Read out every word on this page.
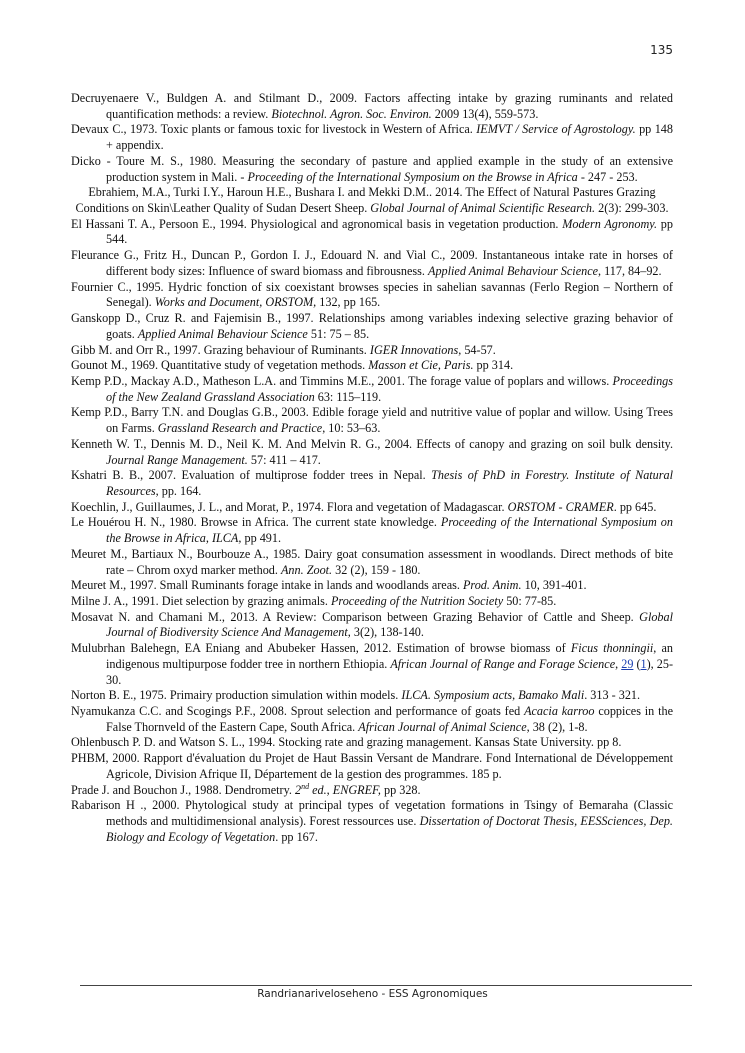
135

Decruyenaere V., Buldgen A. and Stilmant D., 2009. Factors affecting intake by grazing ruminants and related quantification methods: a review. Biotechnol. Agron. Soc. Environ. 2009 13(4), 559-573.

Devaux C., 1973. Toxic plants or famous toxic for livestock in Western of Africa. IEMVT / Service of Agrostology. pp 148 + appendix.

Dicko - Toure M. S., 1980. Measuring the secondary of pasture and applied example in the study of an extensive production system in Mali. - Proceeding of the International Symposium on the Browse in Africa - 247 - 253.

Ebrahiem, M.A., Turki I.Y., Haroun H.E., Bushara I. and Mekki D.M.. 2014. The Effect of Natural Pastures Grazing Conditions on Skin\Leather Quality of Sudan Desert Sheep. Global Journal of Animal Scientific Research. 2(3): 299-303.

El Hassani T. A., Persoon E., 1994. Physiological and agronomical basis in vegetation production. Modern Agronomy. pp 544.

Fleurance G., Fritz H., Duncan P., Gordon I. J., Edouard N. and Vial C., 2009. Instantaneous intake rate in horses of different body sizes: Influence of sward biomass and fibrousness. Applied Animal Behaviour Science, 117, 84–92.

Fournier C., 1995. Hydric fonction of six coexistant browses species in sahelian savannas (Ferlo Region – Northern of Senegal). Works and Document, ORSTOM, 132, pp 165.

Ganskopp D., Cruz R. and Fajemisin B., 1997. Relationships among variables indexing selective grazing behavior of goats. Applied Animal Behaviour Science 51: 75 – 85.

Gibb M. and Orr R., 1997. Grazing behaviour of Ruminants. IGER Innovations, 54-57.

Gounot M., 1969. Quantitative study of vegetation methods. Masson et Cie, Paris. pp 314.

Kemp P.D., Mackay A.D., Matheson L.A. and Timmins M.E., 2001. The forage value of poplars and willows. Proceedings of the New Zealand Grassland Association 63: 115–119.

Kemp P.D., Barry T.N. and Douglas G.B., 2003. Edible forage yield and nutritive value of poplar and willow. Using Trees on Farms. Grassland Research and Practice, 10: 53–63.

Kenneth W. T., Dennis M. D., Neil K. M. And Melvin R. G., 2004. Effects of canopy and grazing on soil bulk density. Journal Range Management. 57: 411 – 417.

Kshatri B. B., 2007. Evaluation of multiprose fodder trees in Nepal. Thesis of PhD in Forestry. Institute of Natural Resources, pp. 164.

Koechlin, J., Guillaumes, J. L., and Morat, P., 1974. Flora and vegetation of Madagascar. ORSTOM - CRAMER. pp 645.

Le Houérou H. N., 1980. Browse in Africa. The current state knowledge. Proceeding of the International Symposium on the Browse in Africa, ILCA, pp 491.

Meuret M., Bartiaux N., Bourbouze A., 1985. Dairy goat consumation assessment in woodlands. Direct methods of bite rate – Chrom oxyd marker method. Ann. Zoot. 32 (2), 159 - 180.

Meuret M., 1997. Small Ruminants forage intake in lands and woodlands areas. Prod. Anim. 10, 391-401.

Milne J. A., 1991. Diet selection by grazing animals. Proceeding of the Nutrition Society 50: 77-85.

Mosavat N. and Chamani M., 2013. A Review: Comparison between Grazing Behavior of Cattle and Sheep. Global Journal of Biodiversity Science And Management, 3(2), 138-140.

Mulubrhan Balehegn, EA Eniang and Abubeker Hassen, 2012. Estimation of browse biomass of Ficus thonningii, an indigenous multipurpose fodder tree in northern Ethiopia. African Journal of Range and Forage Science, 29 (1), 25-30.

Norton B. E., 1975. Primairy production simulation within models. ILCA. Symposium acts, Bamako Mali. 313 - 321.

Nyamukanza C.C. and Scogings P.F., 2008. Sprout selection and performance of goats fed Acacia karroo coppices in the False Thornveld of the Eastern Cape, South Africa. African Journal of Animal Science, 38 (2), 1-8.

Ohlenbusch P. D. and Watson S. L., 1994. Stocking rate and grazing management. Kansas State University. pp 8.

PHBM, 2000. Rapport d'évaluation du Projet de Haut Bassin Versant de Mandrare. Fond International de Développement Agricole, Division Afrique II, Département de la gestion des programmes. 185 p.

Prade J. and Bouchon J., 1988. Dendrometry. 2nd ed., ENGREF, pp 328.

Rabarison H ., 2000. Phytological study at principal types of vegetation formations in Tsingy of Bemaraha (Classic methods and multidimensional analysis). Forest ressources use. Dissertation of Doctorat Thesis, EESSciences, Dep. Biology and Ecology of Vegetation. pp 167.

Randrianariveloseheno - ESS Agronomiques
